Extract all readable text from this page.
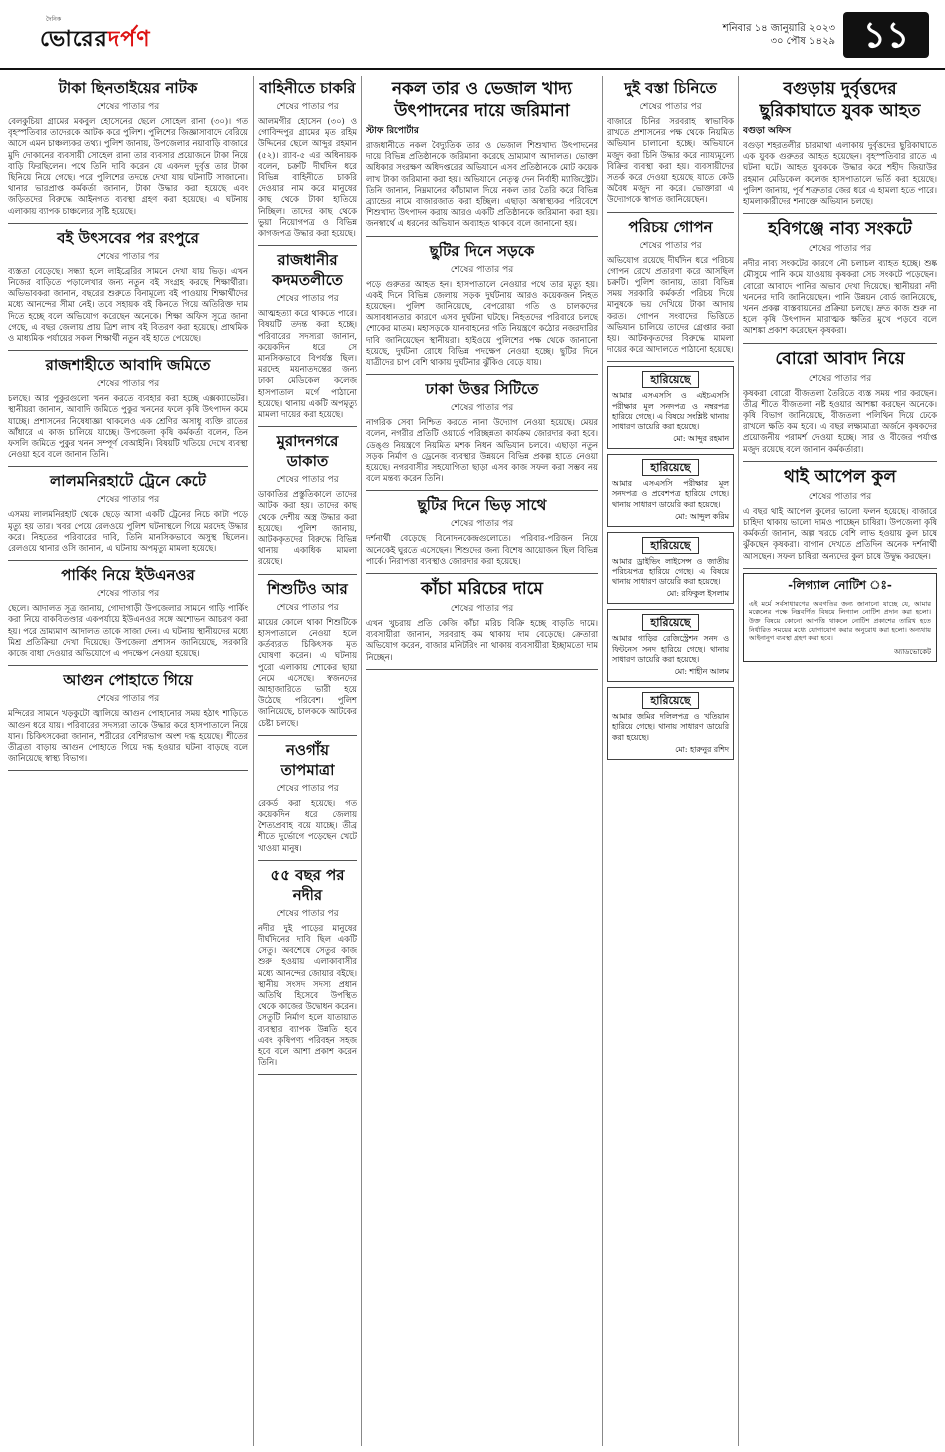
দৈনিক
ভোরেরদর্পণ	শনিবার ১৪ জানুয়ারি ২০২৩
৩০ পৌষ ১৪২৯ ১১
টাকা ছিনতাইয়ের নাটক
শেষের পাতার পর
বেলকুচিয়া গ্রামের মকবুল হোসেনের ছেলে সোহেল রানা (৩০)। গত বৃহস্পতিবার তাদেরকে আটক করে পুলিশ। পুলিশের জিজ্ঞাসাবাদে বেরিয়ে আসে এমন চাঞ্চল্যকর তথ্য। পুলিশ জানায়, উপজেলার নয়াবাড়ি বাজারে মুদি দোকানের ব্যবসায়ী সোহেল রানা তার ব্যবসার প্রয়োজনে টাকা নিয়ে বাড়ি ফিরছিলেন। পথে তিনি দাবি করেন যে একদল দুর্বৃত্ত তার টাকা ছিনিয়ে নিয়ে গেছে। পরে পুলিশের তদন্তে দেখা যায় ঘটনাটি সাজানো। থানার ভারপ্রাপ্ত কর্মকর্তা জানান, টাকা উদ্ধার করা হয়েছে এবং জড়িতদের বিরুদ্ধে আইনগত ব্যবস্থা গ্রহণ করা হয়েছে। এ ঘটনায় এলাকায় ব্যাপক চাঞ্চল্যের সৃষ্টি হয়েছে।
বই উৎসবের পর রংপুরে
শেষের পাতার পর
ব্যস্ততা বেড়েছে। সন্ধ্যা হলে লাইব্রেরির সামনে দেখা যায় ভিড়। এখন নিজের বাড়িতে পড়ালেখার জন্য নতুন বই সংগ্রহ করছে শিক্ষার্থীরা। অভিভাবকরা জানান, বছরের শুরুতে বিনামূল্যে বই পাওয়ায় শিক্ষার্থীদের মধ্যে আনন্দের সীমা নেই। তবে সহায়ক বই কিনতে গিয়ে অতিরিক্ত দাম দিতে হচ্ছে বলে অভিযোগ করেছেন অনেকে। শিক্ষা অফিস সূত্রে জানা গেছে, এ বছর জেলায় প্রায় ত্রিশ লাখ বই বিতরণ করা হয়েছে। প্রাথমিক ও মাধ্যমিক পর্যায়ের সকল শিক্ষার্থী নতুন বই হাতে পেয়েছে।
রাজশাহীতে আবাদি জমিতে
শেষের পাতার পর
চলছে। আর পুকুরগুলো খনন করতে ব্যবহার করা হচ্ছে এক্সক্যাভেটর। স্থানীয়রা জানান, আবাদি জমিতে পুকুর খননের ফলে কৃষি উৎপাদন কমে যাচ্ছে। প্রশাসনের নিষেধাজ্ঞা থাকলেও এক শ্রেণির অসাধু ব্যক্তি রাতের আঁধারে এ কাজ চালিয়ে যাচ্ছে। উপজেলা কৃষি কর্মকর্তা বলেন, তিন ফসলি জমিতে পুকুর খনন সম্পূর্ণ বেআইনি। বিষয়টি খতিয়ে দেখে ব্যবস্থা নেওয়া হবে বলে জানান তিনি।
লালমনিরহাটে ট্রেনে কেটে
শেষের পাতার পর
এসময় লালমনিরহাট থেকে ছেড়ে আসা একটি ট্রেনের নিচে কাটা পড়ে মৃত্যু হয় তার। খবর পেয়ে রেলওয়ে পুলিশ ঘটনাস্থলে গিয়ে মরদেহ উদ্ধার করে। নিহতের পরিবারের দাবি, তিনি মানসিকভাবে অসুস্থ ছিলেন। রেলওয়ে থানার ওসি জানান, এ ঘটনায় অপমৃত্যু মামলা হয়েছে।
পার্কিং নিয়ে ইউএনওর
শেষের পাতার পর
ছেলে। আদালত সূত্র জানায়, গোদাগাড়ী উপজেলার সামনে গাড়ি পার্কিং করা নিয়ে বাকবিতণ্ডার একপর্যায়ে ইউএনওর সঙ্গে অশোভন আচরণ করা হয়। পরে ভ্রাম্যমাণ আদালত তাকে সাজা দেন। এ ঘটনায় স্থানীয়দের মধ্যে মিশ্র প্রতিক্রিয়া দেখা দিয়েছে। উপজেলা প্রশাসন জানিয়েছে, সরকারি কাজে বাধা দেওয়ার অভিযোগে এ পদক্ষেপ নেওয়া হয়েছে।
আগুন পোহাতে গিয়ে
শেষের পাতার পর
মন্দিরের সামনে খড়কুটো জ্বালিয়ে আগুন পোহানোর সময় হঠাৎ শাড়িতে আগুন ধরে যায়। পরিবারের সদস্যরা তাকে উদ্ধার করে হাসপাতালে নিয়ে যান। চিকিৎসকেরা জানান, শরীরের বেশিরভাগ অংশ দগ্ধ হয়েছে। শীতের তীব্রতা বাড়ায় আগুন পোহাতে গিয়ে দগ্ধ হওয়ার ঘটনা বাড়ছে বলে জানিয়েছে স্বাস্থ্য বিভাগ।
বাহিনীতে চাকরি
শেষের পাতার পর
আলমগীর হোসেন (৩০) ও গোবিন্দপুর গ্রামের মৃত রহিম উদ্দিনের ছেলে আব্দুর রহমান (৫২)। র‌্যাব-৫ এর অধিনায়ক বলেন, চক্রটি দীর্ঘদিন ধরে বিভিন্ন বাহিনীতে চাকরি দেওয়ার নাম করে মানুষের কাছ থেকে টাকা হাতিয়ে নিচ্ছিল। তাদের কাছ থেকে ভুয়া নিয়োগপত্র ও বিভিন্ন কাগজপত্র উদ্ধার করা হয়েছে।
রাজধানীর কদমতলীতে
শেষের পাতার পর
আত্মহত্যা করে থাকতে পারে। বিষয়টি তদন্ত করা হচ্ছে। পরিবারের সদস্যরা জানান, কয়েকদিন ধরে সে মানসিকভাবে বিপর্যস্ত ছিল। মরদেহ ময়নাতদন্তের জন্য ঢাকা মেডিকেল কলেজ হাসপাতাল মর্গে পাঠানো হয়েছে। থানায় একটি অপমৃত্যু মামলা দায়ের করা হয়েছে।
মুরাদনগরে ডাকাত
শেষের পাতার পর
ডাকাতির প্রস্তুতিকালে তাদের আটক করা হয়। তাদের কাছ থেকে দেশীয় অস্ত্র উদ্ধার করা হয়েছে। পুলিশ জানায়, আটককৃতদের বিরুদ্ধে বিভিন্ন থানায় একাধিক মামলা রয়েছে।
শিশুটিও আর
শেষের পাতার পর
মায়ের কোলে থাকা শিশুটিকে হাসপাতালে নেওয়া হলে কর্তব্যরত চিকিৎসক মৃত ঘোষণা করেন। এ ঘটনায় পুরো এলাকায় শোকের ছায়া নেমে এসেছে। স্বজনদের আহাজারিতে ভারী হয়ে উঠেছে পরিবেশ। পুলিশ জানিয়েছে, চালককে আটকের চেষ্টা চলছে।
নওগাঁয় তাপমাত্রা
শেষের পাতার পর
রেকর্ড করা হয়েছে। গত কয়েকদিন ধরে জেলায় শৈত্যপ্রবাহ বয়ে যাচ্ছে। তীব্র শীতে দুর্ভোগে পড়েছেন খেটে খাওয়া মানুষ।
৫৫ বছর পর নদীর
শেষের পাতার পর
নদীর দুই পাড়ের মানুষের দীর্ঘদিনের দাবি ছিল একটি সেতু। অবশেষে সেতুর কাজ শুরু হওয়ায় এলাকাবাসীর মধ্যে আনন্দের জোয়ার বইছে। স্থানীয় সংসদ সদস্য প্রধান অতিথি হিসেবে উপস্থিত থেকে কাজের উদ্বোধন করেন। সেতুটি নির্মাণ হলে যাতায়াত ব্যবস্থার ব্যাপক উন্নতি হবে এবং কৃষিপণ্য পরিবহন সহজ হবে বলে আশা প্রকাশ করেন তিনি।
নকল তার ও ভেজাল খাদ্য উৎপাদনের দায়ে জরিমানা
স্টাফ রিপোর্টার
রাজধানীতে নকল বৈদ্যুতিক তার ও ভেজাল শিশুখাদ্য উৎপাদনের দায়ে বিভিন্ন প্রতিষ্ঠানকে জরিমানা করেছে ভ্রাম্যমাণ আদালত। ভোক্তা অধিকার সংরক্ষণ অধিদপ্তরের অভিযানে এসব প্রতিষ্ঠানকে মোট কয়েক লাখ টাকা জরিমানা করা হয়। অভিযানে নেতৃত্ব দেন নির্বাহী ম্যাজিস্ট্রেট। তিনি জানান, নিম্নমানের কাঁচামাল দিয়ে নকল তার তৈরি করে বিভিন্ন ব্র্যান্ডের নামে বাজারজাত করা হচ্ছিল। এছাড়া অস্বাস্থ্যকর পরিবেশে শিশুখাদ্য উৎপাদন করায় আরও একটি প্রতিষ্ঠানকে জরিমানা করা হয়। জনস্বার্থে এ ধরনের অভিযান অব্যাহত থাকবে বলে জানানো হয়।
ছুটির দিনে সড়কে
শেষের পাতার পর
পড়ে গুরুতর আহত হন। হাসপাতালে নেওয়ার পথে তার মৃত্যু হয়। একই দিনে বিভিন্ন জেলায় সড়ক দুর্ঘটনায় আরও কয়েকজন নিহত হয়েছেন। পুলিশ জানিয়েছে, বেপরোয়া গতি ও চালকদের অসাবধানতার কারণে এসব দুর্ঘটনা ঘটছে। নিহতদের পরিবারে চলছে শোকের মাতম। মহাসড়কে যানবাহনের গতি নিয়ন্ত্রণে কঠোর নজরদারির দাবি জানিয়েছেন স্থানীয়রা। হাইওয়ে পুলিশের পক্ষ থেকে জানানো হয়েছে, দুর্ঘটনা রোধে বিভিন্ন পদক্ষেপ নেওয়া হচ্ছে। ছুটির দিনে যাত্রীদের চাপ বেশি থাকায় দুর্ঘটনার ঝুঁকিও বেড়ে যায়।
ঢাকা উত্তর সিটিতে
শেষের পাতার পর
নাগরিক সেবা নিশ্চিত করতে নানা উদ্যোগ নেওয়া হয়েছে। মেয়র বলেন, নগরীর প্রতিটি ওয়ার্ডে পরিচ্ছন্নতা কার্যক্রম জোরদার করা হবে। ডেঙ্গু নিয়ন্ত্রণে নিয়মিত মশক নিধন অভিযান চলবে। এছাড়া নতুন সড়ক নির্মাণ ও ড্রেনেজ ব্যবস্থার উন্নয়নে বিভিন্ন প্রকল্প হাতে নেওয়া হয়েছে। নগরবাসীর সহযোগিতা ছাড়া এসব কাজ সফল করা সম্ভব নয় বলে মন্তব্য করেন তিনি।
ছুটির দিনে ভিড় সাথে
শেষের পাতার পর
দর্শনার্থী বেড়েছে বিনোদনকেন্দ্রগুলোতে। পরিবার-পরিজন নিয়ে অনেকেই ঘুরতে এসেছেন। শিশুদের জন্য বিশেষ আয়োজন ছিল বিভিন্ন পার্কে। নিরাপত্তা ব্যবস্থাও জোরদার করা হয়েছে।
কাঁচা মরিচের দামে
শেষের পাতার পর
এখন খুচরায় প্রতি কেজি কাঁচা মরিচ বিক্রি হচ্ছে বাড়তি দামে। ব্যবসায়ীরা জানান, সরবরাহ কম থাকায় দাম বেড়েছে। ক্রেতারা অভিযোগ করেন, বাজার মনিটরিং না থাকায় ব্যবসায়ীরা ইচ্ছামতো দাম নিচ্ছেন।
দুই বস্তা চিনিতে
শেষের পাতার পর
বাজারে চিনির সরবরাহ স্বাভাবিক রাখতে প্রশাসনের পক্ষ থেকে নিয়মিত অভিযান চালানো হচ্ছে। অভিযানে মজুদ করা চিনি উদ্ধার করে ন্যায্যমূল্যে বিক্রির ব্যবস্থা করা হয়। ব্যবসায়ীদের সতর্ক করে দেওয়া হয়েছে যাতে কেউ অবৈধ মজুদ না করে। ভোক্তারা এ উদ্যোগকে স্বাগত জানিয়েছেন।
পরিচয় গোপন
শেষের পাতার পর
অভিযোগ রয়েছে দীর্ঘদিন ধরে পরিচয় গোপন রেখে প্রতারণা করে আসছিল চক্রটি। পুলিশ জানায়, তারা বিভিন্ন সময় সরকারি কর্মকর্তা পরিচয় দিয়ে মানুষকে ভয় দেখিয়ে টাকা আদায় করত। গোপন সংবাদের ভিত্তিতে অভিযান চালিয়ে তাদের গ্রেপ্তার করা হয়। আটককৃতদের বিরুদ্ধে মামলা দায়ের করে আদালতে পাঠানো হয়েছে।
হারিয়েছে
আমার এসএসসি ও এইচএসসি পরীক্ষার মূল সনদপত্র ও নম্বরপত্র হারিয়ে গেছে। এ বিষয়ে সংশ্লিষ্ট থানায় সাধারণ ডায়েরি করা হয়েছে।
মো: আব্দুর রহমান
হারিয়েছে
আমার এসএসসি পরীক্ষার মূল সনদপত্র ও প্রবেশপত্র হারিয়ে গেছে। থানায় সাধারণ ডায়েরি করা হয়েছে।
মো: আব্দুল করিম
হারিয়েছে
আমার ড্রাইভিং লাইসেন্স ও জাতীয় পরিচয়পত্র হারিয়ে গেছে। এ বিষয়ে থানায় সাধারণ ডায়েরি করা হয়েছে।
মো: রফিকুল ইসলাম
হারিয়েছে
আমার গাড়ির রেজিস্ট্রেশন সনদ ও ফিটনেস সনদ হারিয়ে গেছে। থানায় সাধারণ ডায়েরি করা হয়েছে।
মো: শাহীন আলম
হারিয়েছে
আমার জমির দলিলপত্র ও খতিয়ান হারিয়ে গেছে। থানায় সাধারণ ডায়েরি করা হয়েছে।
মো: হারুনুর রশিদ
বগুড়ায় দুর্বৃত্তদের ছুরিকাঘাতে যুবক আহত
বগুড়া অফিস
বগুড়া শহরতলীর চারমাথা এলাকায় দুর্বৃত্তদের ছুরিকাঘাতে এক যুবক গুরুতর আহত হয়েছেন। বৃহস্পতিবার রাতে এ ঘটনা ঘটে। আহত যুবককে উদ্ধার করে শহীদ জিয়াউর রহমান মেডিকেল কলেজ হাসপাতালে ভর্তি করা হয়েছে। পুলিশ জানায়, পূর্ব শত্রুতার জের ধরে এ হামলা হতে পারে। হামলাকারীদের শনাক্তে অভিযান চলছে।
হবিগঞ্জে নাব্য সংকটে
শেষের পাতার পর
নদীর নাব্য সংকটের কারণে নৌ চলাচল ব্যাহত হচ্ছে। শুষ্ক মৌসুমে পানি কমে যাওয়ায় কৃষকরা সেচ সংকটে পড়েছেন। বোরো আবাদে পানির অভাব দেখা দিয়েছে। স্থানীয়রা নদী খননের দাবি জানিয়েছেন। পানি উন্নয়ন বোর্ড জানিয়েছে, খনন প্রকল্প বাস্তবায়নের প্রক্রিয়া চলছে। দ্রুত কাজ শুরু না হলে কৃষি উৎপাদন মারাত্মক ক্ষতির মুখে পড়বে বলে আশঙ্কা প্রকাশ করেছেন কৃষকরা।
বোরো আবাদ নিয়ে
শেষের পাতার পর
কৃষকরা বোরো বীজতলা তৈরিতে ব্যস্ত সময় পার করছেন। তীব্র শীতে বীজতলা নষ্ট হওয়ার আশঙ্কা করছেন অনেকে। কৃষি বিভাগ জানিয়েছে, বীজতলা পলিথিন দিয়ে ঢেকে রাখলে ক্ষতি কম হবে। এ বছর লক্ষ্যমাত্রা অর্জনে কৃষকদের প্রয়োজনীয় পরামর্শ দেওয়া হচ্ছে। সার ও বীজের পর্যাপ্ত মজুদ রয়েছে বলে জানান কর্মকর্তারা।
থাই আপেল কুল
শেষের পাতার পর
এ বছর থাই আপেল কুলের ভালো ফলন হয়েছে। বাজারে চাহিদা থাকায় ভালো দামও পাচ্ছেন চাষিরা। উপজেলা কৃষি কর্মকর্তা জানান, অল্প খরচে বেশি লাভ হওয়ায় কুল চাষে ঝুঁকছেন কৃষকরা। বাগান দেখতে প্রতিদিন অনেক দর্শনার্থী আসছেন। সফল চাষিরা অন্যদের কুল চাষে উদ্বুদ্ধ করছেন।
-লিগ্যাল নোটিশ ঃ-
এই মর্মে সর্বসাধারণের অবগতির জন্য জানানো যাচ্ছে যে, আমার মক্কেলের পক্ষে নিম্নবর্ণিত বিষয়ে লিগ্যাল নোটিশ প্রদান করা হলো। উক্ত বিষয়ে কোনো আপত্তি থাকলে নোটিশ প্রকাশের তারিখ হতে নির্ধারিত সময়ের মধ্যে যোগাযোগ করার অনুরোধ করা হলো। অন্যথায় আইনানুগ ব্যবস্থা গ্রহণ করা হবে।
অ্যাডভোকেট
